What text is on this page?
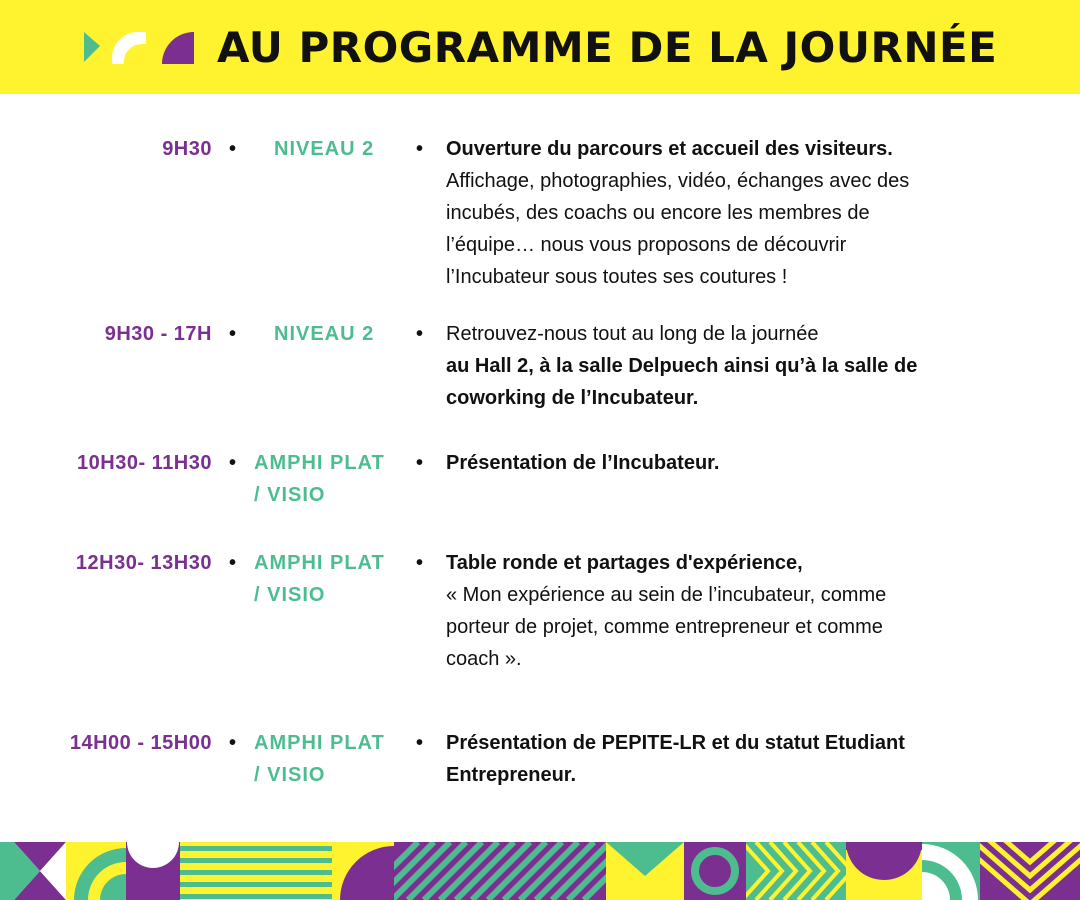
AU PROGRAMME DE LA JOURNÉE
9H30 • NIVEAU 2	• Ouverture du parcours et accueil des visiteurs.
Affichage, photographies, vidéo, échanges avec des
incubés, des coachs ou encore les membres de
l’équipe… nous vous proposons de découvrir
l’Incubateur sous toutes ses coutures !
9H30 - 17H • NIVEAU 2	• Retrouvez-nous tout au long de la journée
au Hall 2, à la salle Delpuech ainsi qu’à la salle de
coworking de l’Incubateur.
10H30- 11H30 • AMPHI PLAT
/ VISIO
• Présentation de l’Incubateur.
12H30- 13H30 • AMPHI PLAT
/ VISIO
• Table ronde et partages d'expérience,
« Mon expérience au sein de l’incubateur, comme
porteur de projet, comme entrepreneur et comme
coach ».
14H00 - 15H00 • AMPHI PLAT
/ VISIO
• Présentation de PEPITE-LR et du statut Etudiant
Entrepreneur.
